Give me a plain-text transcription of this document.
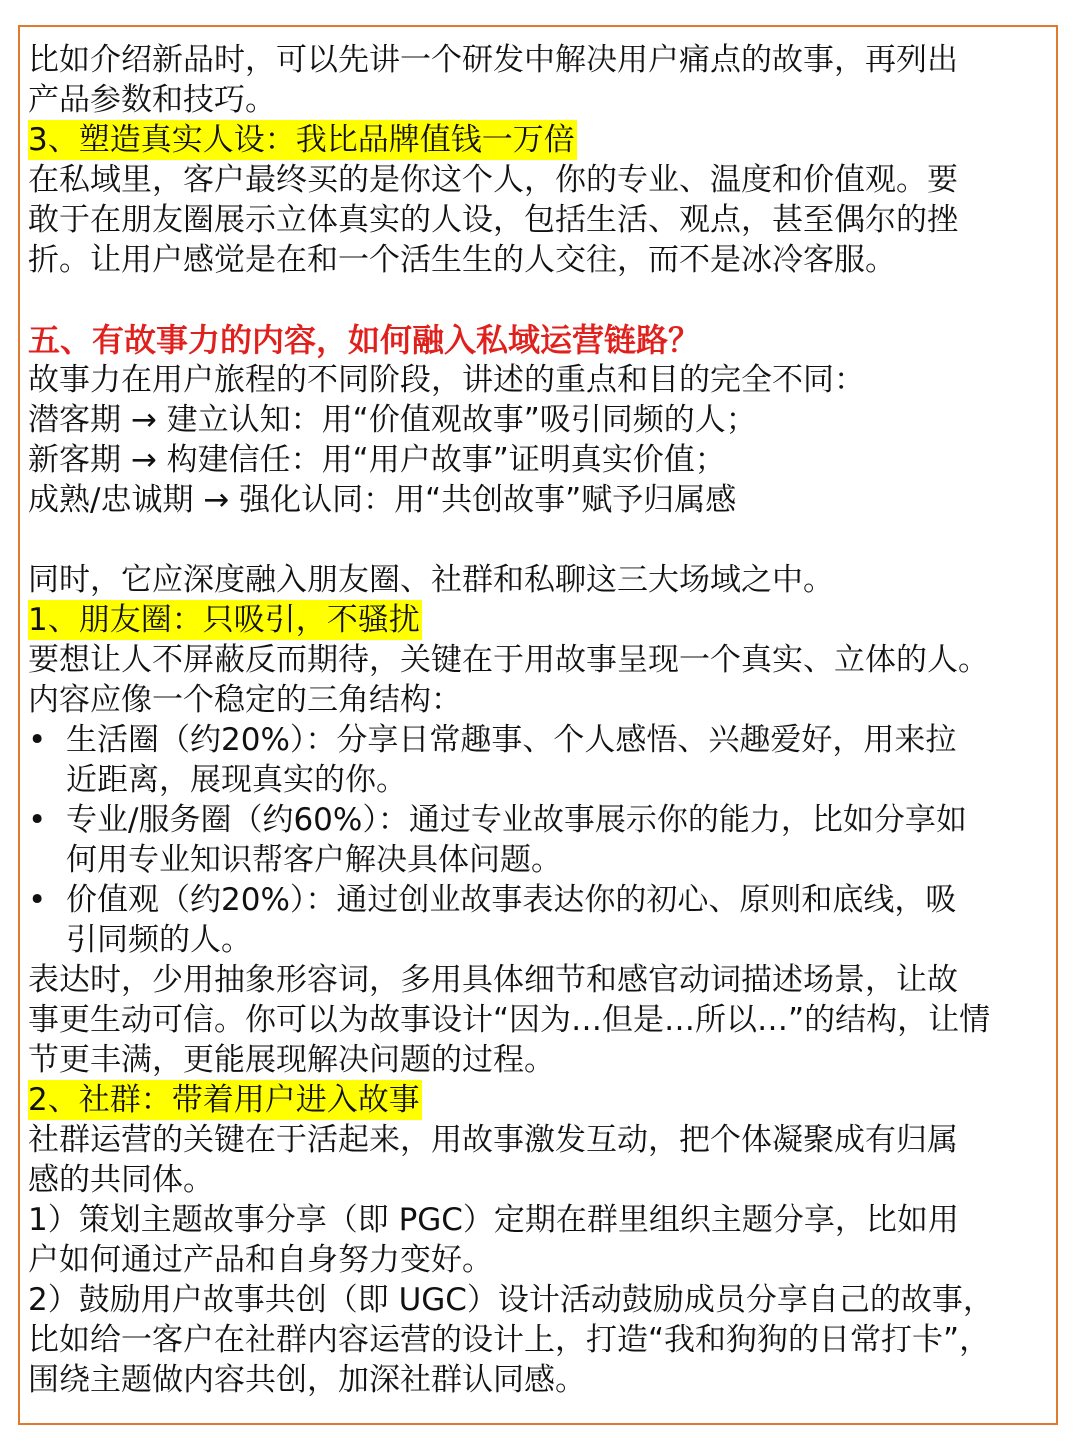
比如介绍新品时，可以先讲一个研发中解决用户痛点的故事，再列出

产品参数和技巧。

3、塑造真实人设：我比品牌值钱一万倍

在私域里，客户最终买的是你这个人，你的专业、温度和价值观。要

敢于在朋友圈展示立体真实的人设，包括生活、观点，甚至偶尔的挫

折。让用户感觉是在和一个活生生的人交往，而不是冰冷客服。

五、有故事力的内容，如何融入私域运营链路？

故事力在用户旅程的不同阶段，讲述的重点和目的完全不同：

潜客期 → 建立认知：用“价值观故事”吸引同频的人；

新客期 → 构建信任：用“用户故事”证明真实价值；

成熟/忠诚期 → 强化认同：用“共创故事”赋予归属感

同时，它应深度融入朋友圈、社群和私聊这三大场域之中。

1、朋友圈：只吸引，不骚扰

要想让人不屏蔽反而期待，关键在于用故事呈现一个真实、立体的人。

内容应像一个稳定的三角结构：

• 生活圈（约20%）：分享日常趣事、个人感悟、兴趣爱好，用来拉

近距离，展现真实的你。

• 专业/服务圈（约60%）：通过专业故事展示你的能力，比如分享如

何用专业知识帮客户解决具体问题。

• 价值观（约20%）：通过创业故事表达你的初心、原则和底线，吸

引同频的人。

表达时，少用抽象形容词，多用具体细节和感官动词描述场景，让故

事更生动可信。你可以为故事设计“因为…但是…所以…”的结构，让情

节更丰满，更能展现解决问题的过程。

2、社群：带着用户进入故事

社群运营的关键在于活起来，用故事激发互动，把个体凝聚成有归属

感的共同体。

1）策划主题故事分享（即 PGC）定期在群里组织主题分享，比如用

户如何通过产品和自身努力变好。

2）鼓励用户故事共创（即 UGC）设计活动鼓励成员分享自己的故事，

比如给一客户在社群内容运营的设计上，打造“我和狗狗的日常打卡”，

围绕主题做内容共创，加深社群认同感。
